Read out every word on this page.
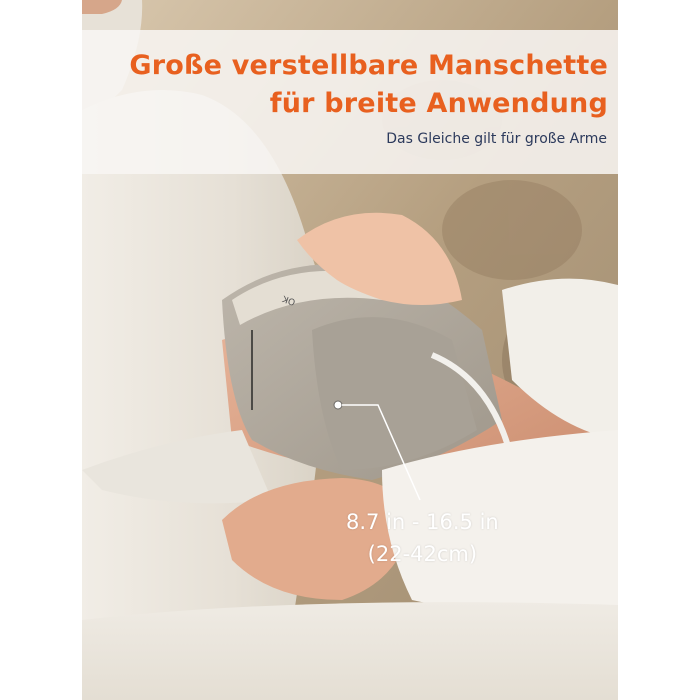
OK
Große verstellbare Manschette
für breite Anwendung
Das Gleiche gilt für große Arme
8.7 in - 16.5 in
(22-42cm)
